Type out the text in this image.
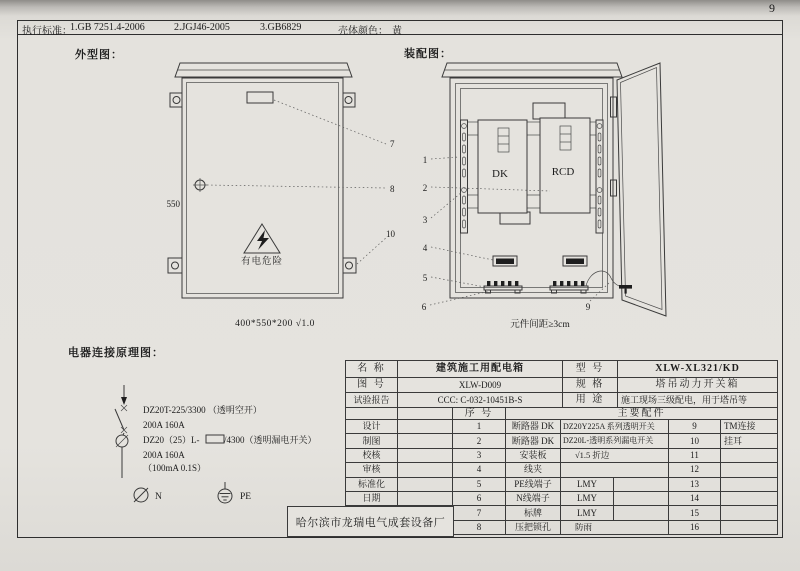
9
执行标准：
1.GB 7251.4-2006	2.JGJ46-2005	3.GB6829	壳体颜色： 黄
外型图：	装配图：
电器连接原理图：
有电危险
550
400*550*200 √1.0
7
8
10
DK	RCD
1
2
3
4
5
6	9
元件间距≥3cm
DZ20T-225/3300 （透明空开）
200A 160A
DZ20（25）L-	/4300（透明漏电开关）
200A 160A
（100mA 0.1S）
N	PE
名 称	建筑施工用配电箱	型 号	XLW-XL321/KD
图 号	XLW-D009	规 格	塔吊动力开关箱
试验报告	CCC: C-032-10451B-S	用 途	施工现场三级配电，用于塔吊等
		序 号	主要配件				
设计		1	断路器 DK	DZ20Y225A 系列透明开关		9	TM连接
制图		2	断路器 DK	DZ20L-透明系列漏电开关		10	挂耳
校核		3	安装板	√1.5 折边		11	
审核		4	线夹			12	
标准化		5	PE线端子	LMY		13	
日期		6	N线端子	LMY		14	
		7	标牌	LMY		15	
		8	压把锁孔	防雨		16	
哈尔滨市龙瑞电气成套设备厂
